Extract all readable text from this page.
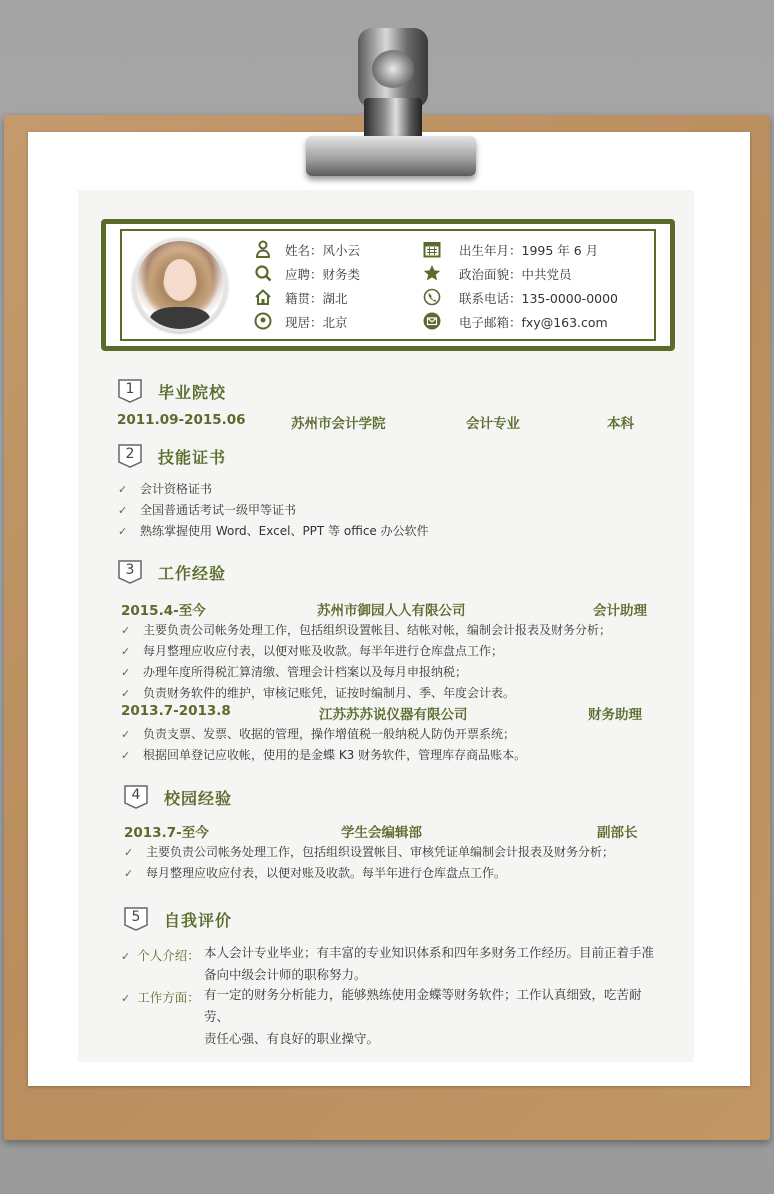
姓名：风小云
应聘：财务类
籍贯：湖北
现居：北京
出生年月：1995 年 6 月
政治面貌：中共党员
联系电话：135-0000-0000
电子邮箱：fxy@163.com
1	毕业院校
2011.09-2015.06	苏州市会计学院	会计专业	本科
2	技能证书
✓ 会计资格证书
✓ 全国普通话考试一级甲等证书
✓ 熟练掌握使用 Word、Excel、PPT 等 office 办公软件
3	工作经验
2015.4-至今	苏州市御园人人有限公司	会计助理
✓ 主要负责公司帐务处理工作，包括组织设置帐目、结帐对帐，编制会计报表及财务分析；
✓ 每月整理应收应付表，以便对账及收款。每半年进行仓库盘点工作；
✓ 办理年度所得税汇算清缴、管理会计档案以及每月申报纳税；
✓ 负责财务软件的维护，审核记账凭，证按时编制月、季、年度会计表。
2013.7-2013.8	江苏苏苏说仪器有限公司	财务助理
✓ 负责支票、发票、收据的管理，操作增值税一般纳税人防伪开票系统；
✓ 根据回单登记应收帐，使用的是金蝶 K3 财务软件，管理库存商品账本。
4	校园经验
2013.7-至今	学生会编辑部	副部长
✓ 主要负责公司帐务处理工作，包括组织设置帐目、审核凭证单编制会计报表及财务分析；
✓ 每月整理应收应付表，以便对账及收款。每半年进行仓库盘点工作。
5	自我评价
✓  个人介绍： 本人会计专业毕业；有丰富的专业知识体系和四年多财务工作经历。目前正着手准
备向中级会计师的职称努力。
✓  工作方面： 有一定的财务分析能力，能够熟练使用金蝶等财务软件；工作认真细致，吃苦耐劳、
责任心强、有良好的职业操守。
